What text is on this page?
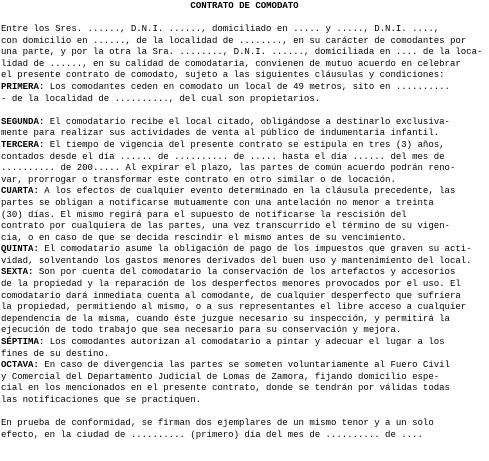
CONTRATO DE COMODATO
Entre los Sres. ......, D.N.I. ......, domiciliado en ..... y ....., D.N.I. ....,
con domicilio en ......, de la localidad de ........, en su carácter de comodantes por
una parte, y por la otra la Sra. ........, D.N.I. ......, domiciliada en .... de la loca-
lidad de ......, en su calidad de comodataria, convienen de mutuo acuerdo en celebrar
el presente contrato de comodato, sujeto a las siguientes cláusulas y condiciones:
PRIMERA: Los comodantes ceden en comodato un local de 49 metros, sito en ..........
- de la localidad de .........., del cual son propietarios.
SEGUNDA: El comodatario recibe el local citado, obligándose a destinarlo exclusiva-
mente para realizar sus actividades de venta al público de indumentaria infantil.
TERCERA: El tiempo de vigencia del presente contrato se estipula en tres (3) años,
contados desde el día ...... de .......... de ..... hasta el día ...... del mes de
.......... de 200..... Al expirar el plazo, las partes de común acuerdo podrán reno-
var, prorrogar o transformar este contrato en otro similar o de locación.
CUARTA: A los efectos de cualquier evento determinado en la cláusula precedente, las
partes se obligan a notificarse mutuamente con una antelación no menor a treinta
(30) días. El mismo regirá para el supuesto de notificarse la rescisión del
contrato por cualquiera de las partes, una vez transcurrido el término de su vigen-
cia, o en caso de que se decida rescindir el mismo antes de su vencimiento.
QUINTA: El comodatario asume la obligación de pago de los impuestos que graven su acti-
vidad, solventando los gastos menores derivados del buen uso y mantenimiento del local.
SEXTA: Son por cuenta del comodatario la conservación de los artefactos y accesorios
de la propiedad y la reparación de los desperfectos menores provocados por el uso. El
comodatario dará inmediata cuenta al comodante, de cualquier desperfecto que sufriera
la propiedad, permitiendo al mismo, o a sus representantes el libre acceso a cualquier
dependencia de la misma, cuando éste juzgue necesario su inspección, y permitirá la
ejecución de todo trabajo que sea necesario para su conservación y mejora.
SÉPTIMA: Los comodantes autorizan al comodatario a pintar y adecuar el lugar a los
fines de su destino.
OCTAVA: En caso de divergencia las partes se someten voluntariamente al Fuero Civil
y Comercial del Departamento Judicial de Lomas de Zamora, fijando domicilio espe-
cial en los mencionados en el presente contrato, donde se tendrán por válidas todas
las notificaciones que se practiquen.
En prueba de conformidad, se firman dos ejemplares de un mismo tenor y a un solo
efecto, en la ciudad de .......... (primero) día del mes de .......... de ....
